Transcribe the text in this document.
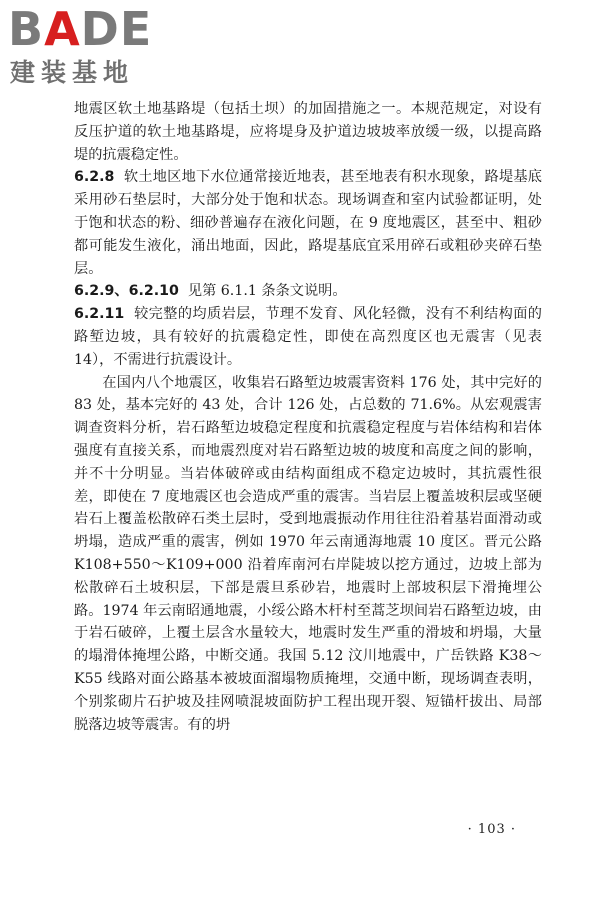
BADE
建装基地

地震区软土地基路堤（包括土坝）的加固措施之一。本规范规定，对设有反压护道的软土地基路堤，应将堤身及护道边坡坡率放缓一级，以提高路堤的抗震稳定性。

6.2.8 软土地区地下水位通常接近地表，甚至地表有积水现象，路堤基底采用砂石垫层时，大部分处于饱和状态。现场调查和室内试验都证明，处于饱和状态的粉、细砂普遍存在液化问题，在 9 度地震区，甚至中、粗砂都可能发生液化，涌出地面，因此，路堤基底宜采用碎石或粗砂夹碎石垫层。

6.2.9、6.2.10 见第 6.1.1 条条文说明。

6.2.11 较完整的均质岩层，节理不发育、风化轻微，没有不利结构面的路堑边坡，具有较好的抗震稳定性，即使在高烈度区也无震害（见表 14），不需进行抗震设计。

在国内八个地震区，收集岩石路堑边坡震害资料 176 处，其中完好的 83 处，基本完好的 43 处，合计 126 处，占总数的 71.6%。从宏观震害调查资料分析，岩石路堑边坡稳定程度和抗震稳定程度与岩体结构和岩体强度有直接关系，而地震烈度对岩石路堑边坡的坡度和高度之间的影响，并不十分明显。当岩体破碎或由结构面组成不稳定边坡时，其抗震性很差，即使在 7 度地震区也会造成严重的震害。当岩层上覆盖坡积层或坚硬岩石上覆盖松散碎石类土层时，受到地震振动作用往往沿着基岩面滑动或坍塌，造成严重的震害，例如 1970 年云南通海地震 10 度区。晋元公路 K108+550～K109+000 沿着库南河右岸陡坡以挖方通过，边坡上部为松散碎石土坡积层，下部是震旦系砂岩，地震时上部坡积层下滑掩埋公路。1974 年云南昭通地震，小绥公路木杆村至蒿芝坝间岩石路堑边坡，由于岩石破碎，上覆土层含水量较大，地震时发生严重的滑坡和坍塌，大量的塌滑体掩埋公路，中断交通。我国 5.12 汶川地震中，广岳铁路 K38～K55 线路对面公路基本被坡面溜塌物质掩埋，交通中断，现场调查表明，个别浆砌片石护坡及挂网喷混坡面防护工程出现开裂、短锚杆拔出、局部脱落边坡等震害。有的坍

· 103 ·
